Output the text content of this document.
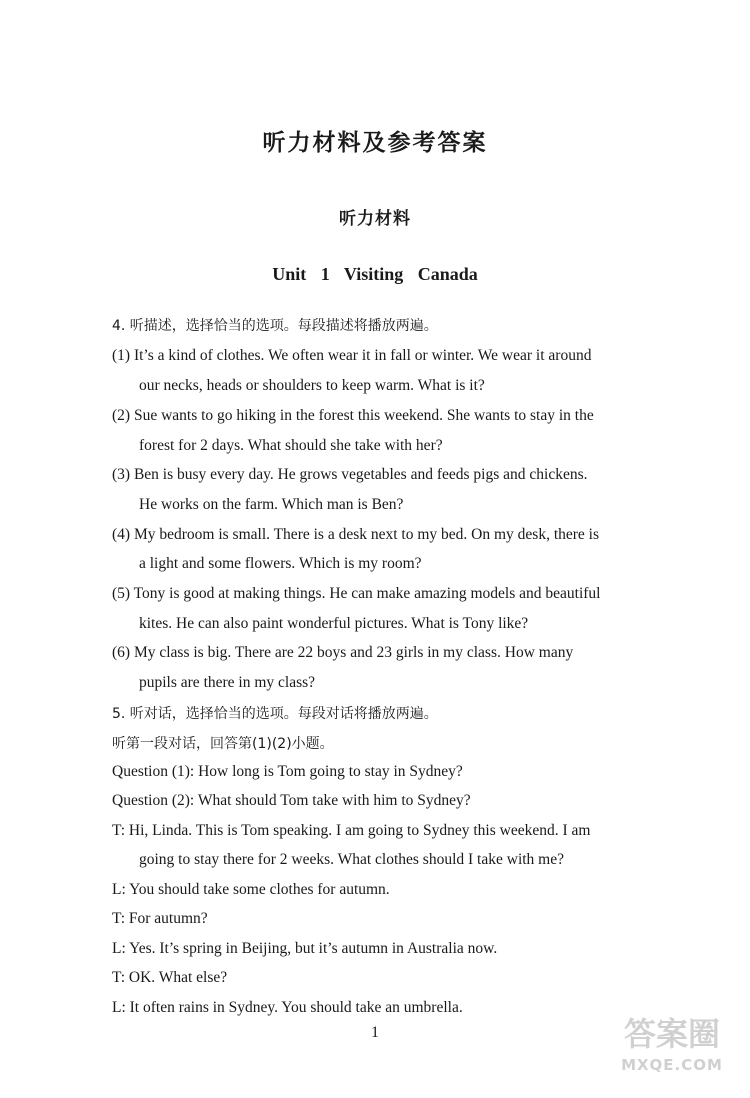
听力材料及参考答案
听力材料
Unit 1 Visiting Canada
4. 听描述，选择恰当的选项。每段描述将播放两遍。
(1) It’s a kind of clothes. We often wear it in fall or winter. We wear it around
our necks, heads or shoulders to keep warm. What is it?
(2) Sue wants to go hiking in the forest this weekend. She wants to stay in the
forest for 2 days. What should she take with her?
(3) Ben is busy every day. He grows vegetables and feeds pigs and chickens.
He works on the farm. Which man is Ben?
(4) My bedroom is small. There is a desk next to my bed. On my desk, there is
a light and some flowers. Which is my room?
(5) Tony is good at making things. He can make amazing models and beautiful
kites. He can also paint wonderful pictures. What is Tony like?
(6) My class is big. There are 22 boys and 23 girls in my class. How many
pupils are there in my class?
5. 听对话，选择恰当的选项。每段对话将播放两遍。
听第一段对话，回答第(1)(2)小题。
Question (1): How long is Tom going to stay in Sydney?
Question (2): What should Tom take with him to Sydney?
T: Hi, Linda. This is Tom speaking. I am going to Sydney this weekend. I am
going to stay there for 2 weeks. What clothes should I take with me?
L: You should take some clothes for autumn.
T: For autumn?
L: Yes. It’s spring in Beijing, but it’s autumn in Australia now.
T: OK. What else?
L: It often rains in Sydney. You should take an umbrella.
1	答案圈
MXQE.COM
